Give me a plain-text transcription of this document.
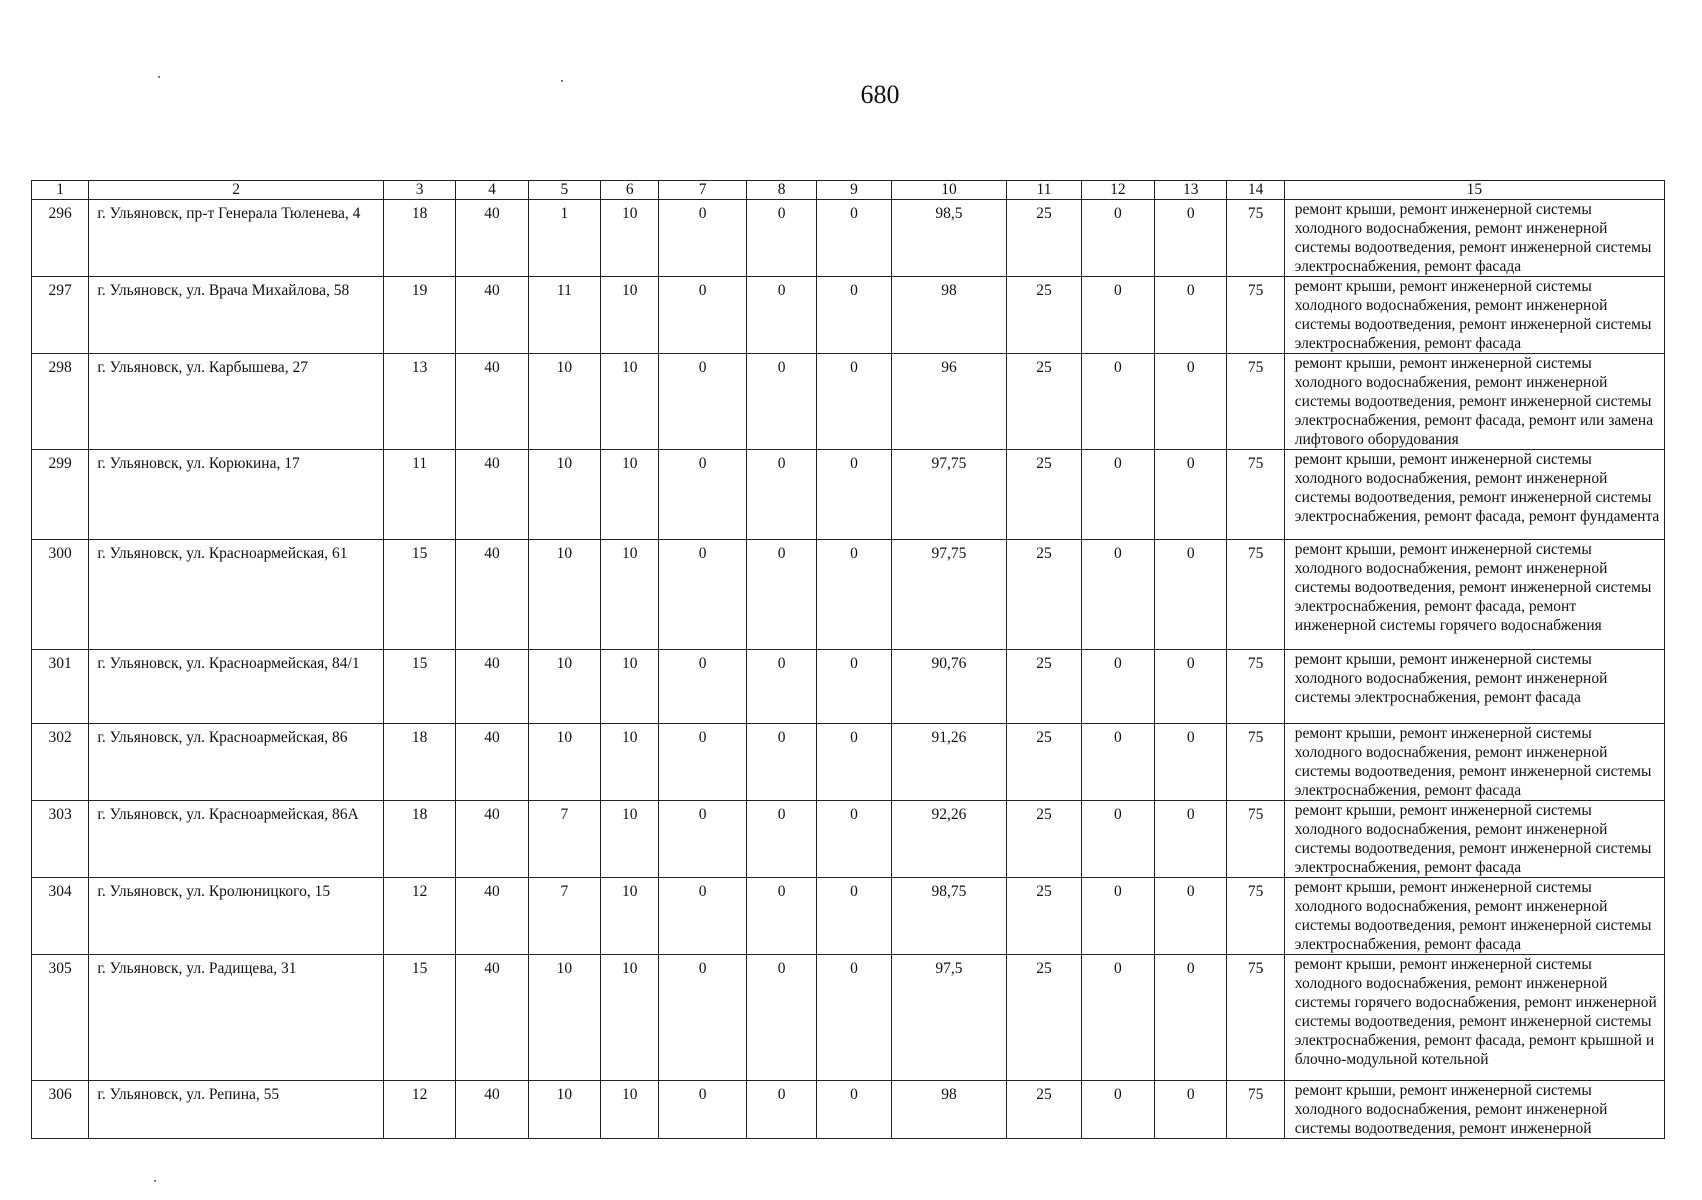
680
1	2	3	4	5	6	7	8	9	10	11	12	13	14	15
296	г. Ульяновск, пр-т Генерала Тюленева, 4	18	40	1	10	0	0	0	98,5	25	0	0	75	ремонт крыши, ремонт инженерной системы холодного водоснабжения, ремонт инженерной системы водоотведения, ремонт инженерной системы электроснабжения, ремонт фасада
297	г. Ульяновск, ул. Врача Михайлова, 58	19	40	11	10	0	0	0	98	25	0	0	75	ремонт крыши, ремонт инженерной системы холодного водоснабжения, ремонт инженерной системы водоотведения, ремонт инженерной системы электроснабжения, ремонт фасада
298	г. Ульяновск, ул. Карбышева, 27	13	40	10	10	0	0	0	96	25	0	0	75	ремонт крыши, ремонт инженерной системы холодного водоснабжения, ремонт инженерной системы водоотведения, ремонт инженерной системы электроснабжения, ремонт фасада, ремонт или замена лифтового оборудования
299	г. Ульяновск, ул. Корюкина, 17	11	40	10	10	0	0	0	97,75	25	0	0	75	ремонт крыши, ремонт инженерной системы холодного водоснабжения, ремонт инженерной системы водоотведения, ремонт инженерной системы электроснабжения, ремонт фасада, ремонт фундамента
300	г. Ульяновск, ул. Красноармейская, 61	15	40	10	10	0	0	0	97,75	25	0	0	75	ремонт крыши, ремонт инженерной системы холодного водоснабжения, ремонт инженерной системы водоотведения, ремонт инженерной системы электроснабжения, ремонт фасада, ремонт инженерной системы горячего водоснабжения
301	г. Ульяновск, ул. Красноармейская, 84/1	15	40	10	10	0	0	0	90,76	25	0	0	75	ремонт крыши, ремонт инженерной системы холодного водоснабжения, ремонт инженерной системы электроснабжения, ремонт фасада
302	г. Ульяновск, ул. Красноармейская, 86	18	40	10	10	0	0	0	91,26	25	0	0	75	ремонт крыши, ремонт инженерной системы холодного водоснабжения, ремонт инженерной системы водоотведения, ремонт инженерной системы электроснабжения, ремонт фасада
303	г. Ульяновск, ул. Красноармейская, 86А	18	40	7	10	0	0	0	92,26	25	0	0	75	ремонт крыши, ремонт инженерной системы холодного водоснабжения, ремонт инженерной системы водоотведения, ремонт инженерной системы электроснабжения, ремонт фасада
304	г. Ульяновск, ул. Кролюницкого, 15	12	40	7	10	0	0	0	98,75	25	0	0	75	ремонт крыши, ремонт инженерной системы холодного водоснабжения, ремонт инженерной системы водоотведения, ремонт инженерной системы электроснабжения, ремонт фасада
305	г. Ульяновск, ул. Радищева, 31	15	40	10	10	0	0	0	97,5	25	0	0	75	ремонт крыши, ремонт инженерной системы холодного водоснабжения, ремонт инженерной системы горячего водоснабжения, ремонт инженерной системы водоотведения, ремонт инженерной системы электроснабжения, ремонт фасада, ремонт крышной и блочно-модульной котельной
306	г. Ульяновск, ул. Репина, 55	12	40	10	10	0	0	0	98	25	0	0	75	ремонт крыши, ремонт инженерной системы холодного водоснабжения, ремонт инженерной системы водоотведения, ремонт инженерной
